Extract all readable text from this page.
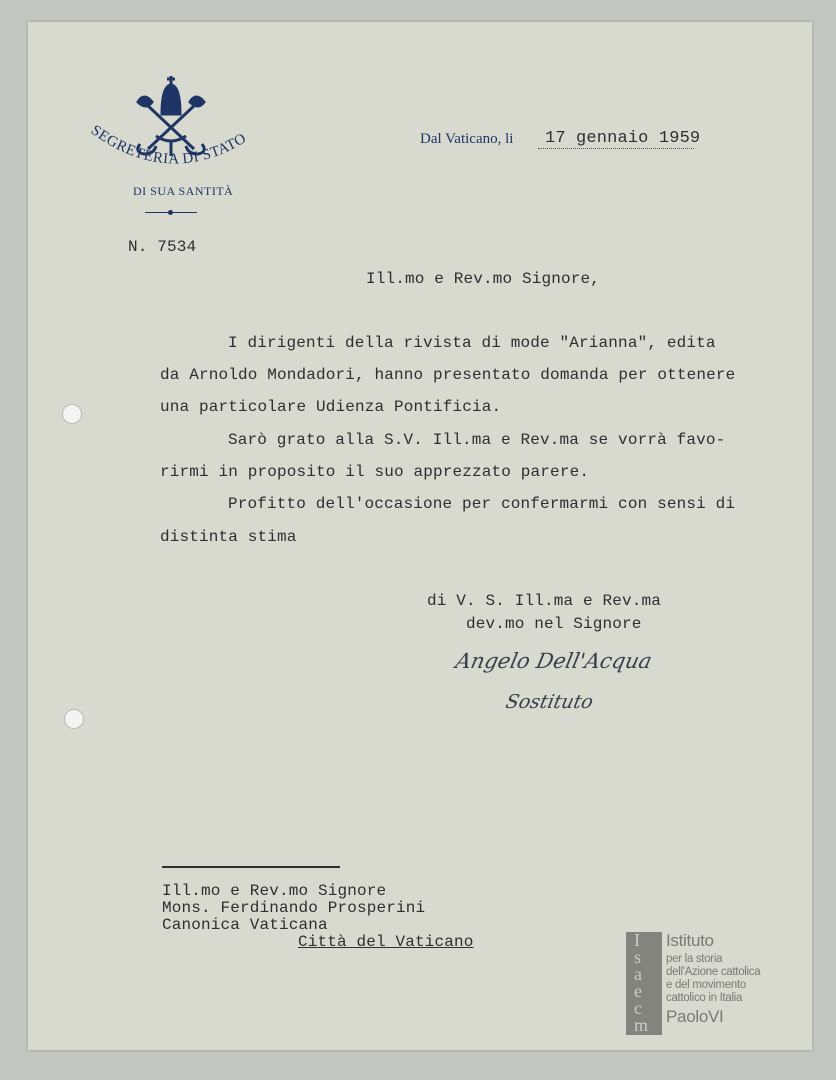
SEGRETERIA DI STATO
DI SUA SANTITÀ
Dal Vaticano, li 17 gennaio 1959
N. 7534
Ill.mo e Rev.mo Signore,
I dirigenti della rivista di mode "Arianna", edita
da Arnoldo Mondadori, hanno presentato domanda per ottenere
una particolare Udienza Pontificia.
Sarò grato alla S.V. Ill.ma e Rev.ma se vorrà favo-
rirmi in proposito il suo apprezzato parere.
Profitto dell'occasione per confermarmi con sensi di
distinta stima
di V. S. Ill.ma e Rev.ma
dev.mo nel Signore
Angelo Dell'Acqua
Sostituto
Ill.mo e Rev.mo Signore
Mons. Ferdinando Prosperini
Canonica Vaticana
Città del Vaticano	I
s
a
e
c
m
Istituto
per la storia
dell'Azione cattolica
e del movimento
cattolico in Italia
PaoloVI
